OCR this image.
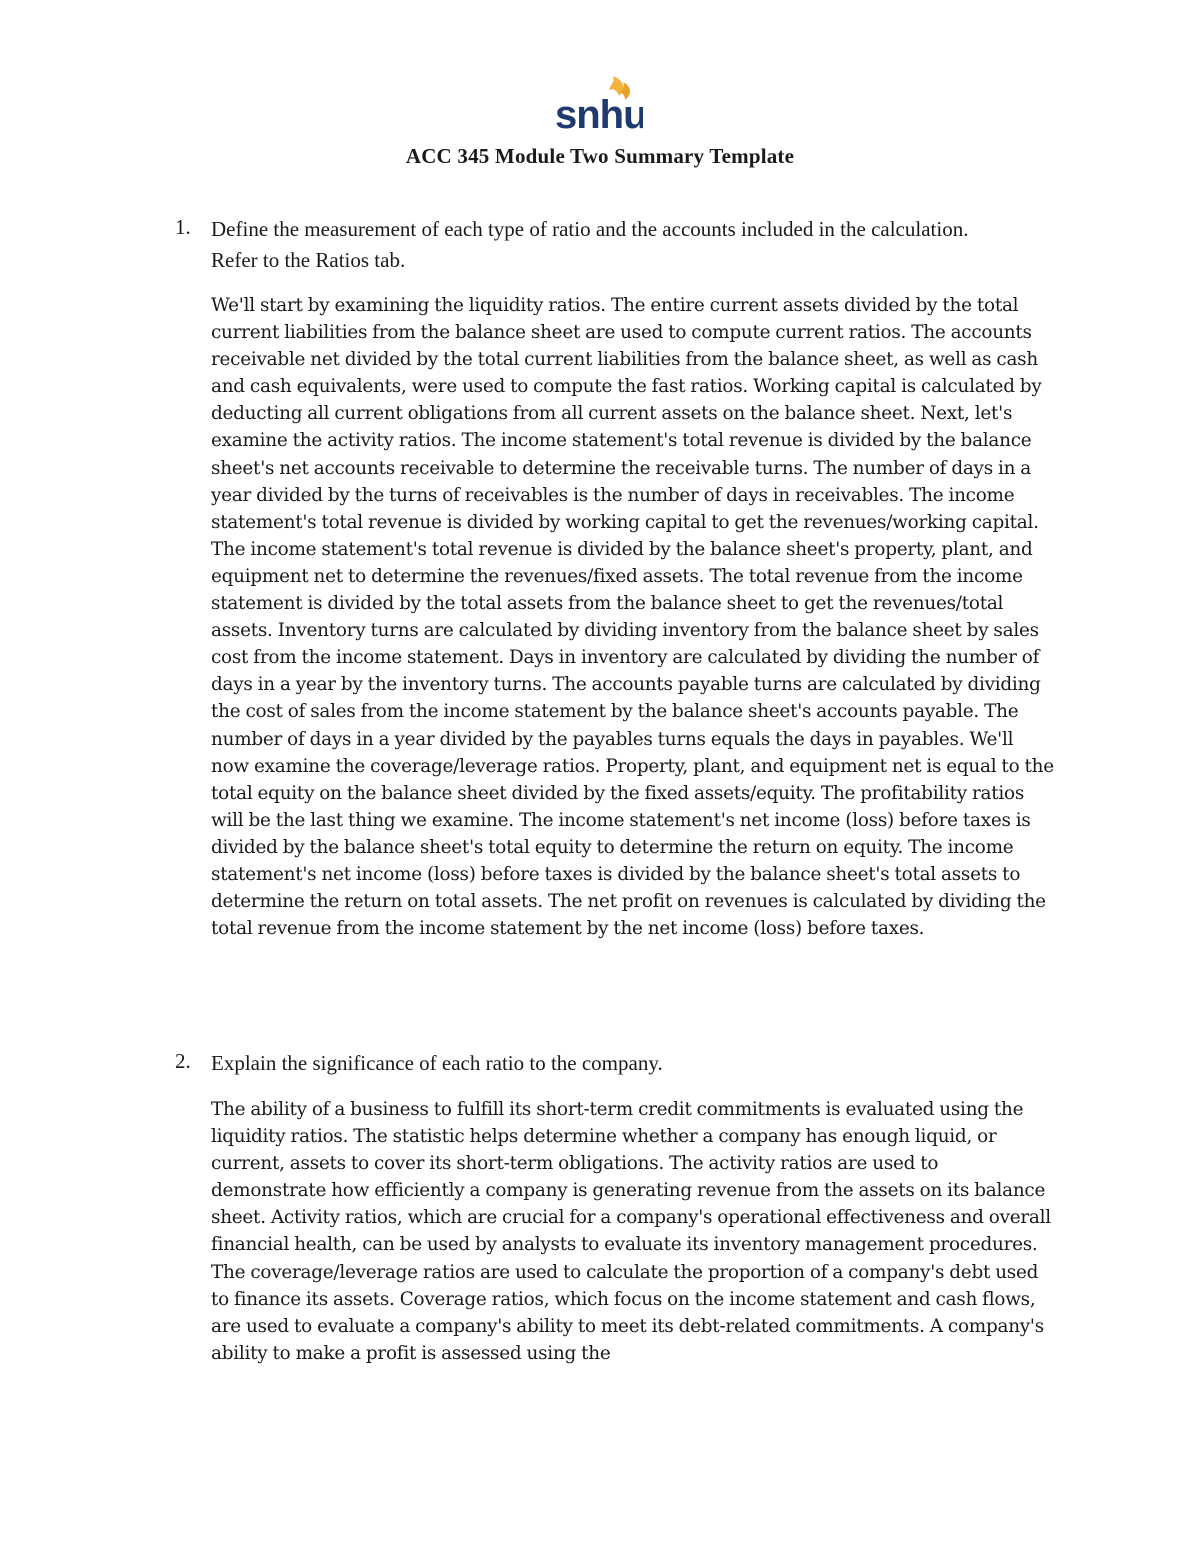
snhu
ACC 345 Module Two Summary Template
1. Define the measurement of each type of ratio and the accounts included in the calculation. Refer to the Ratios tab.
We'll start by examining the liquidity ratios. The entire current assets divided by the total current liabilities from the balance sheet are used to compute current ratios. The accounts receivable net divided by the total current liabilities from the balance sheet, as well as cash and cash equivalents, were used to compute the fast ratios. Working capital is calculated by deducting all current obligations from all current assets on the balance sheet. Next, let's examine the activity ratios. The income statement's total revenue is divided by the balance sheet's net accounts receivable to determine the receivable turns. The number of days in a year divided by the turns of receivables is the number of days in receivables. The income statement's total revenue is divided by working capital to get the revenues/working capital. The income statement's total revenue is divided by the balance sheet's property, plant, and equipment net to determine the revenues/fixed assets. The total revenue from the income statement is divided by the total assets from the balance sheet to get the revenues/total assets. Inventory turns are calculated by dividing inventory from the balance sheet by sales cost from the income statement. Days in inventory are calculated by dividing the number of days in a year by the inventory turns. The accounts payable turns are calculated by dividing the cost of sales from the income statement by the balance sheet's accounts payable. The number of days in a year divided by the payables turns equals the days in payables. We'll now examine the coverage/leverage ratios. Property, plant, and equipment net is equal to the total equity on the balance sheet divided by the fixed assets/equity. The profitability ratios will be the last thing we examine. The income statement's net income (loss) before taxes is divided by the balance sheet's total equity to determine the return on equity. The income statement's net income (loss) before taxes is divided by the balance sheet's total assets to determine the return on total assets. The net profit on revenues is calculated by dividing the total revenue from the income statement by the net income (loss) before taxes.
2. Explain the significance of each ratio to the company.
The ability of a business to fulfill its short-term credit commitments is evaluated using the liquidity ratios. The statistic helps determine whether a company has enough liquid, or current, assets to cover its short-term obligations. The activity ratios are used to demonstrate how efficiently a company is generating revenue from the assets on its balance sheet. Activity ratios, which are crucial for a company's operational effectiveness and overall financial health, can be used by analysts to evaluate its inventory management procedures. The coverage/leverage ratios are used to calculate the proportion of a company's debt used to finance its assets. Coverage ratios, which focus on the income statement and cash flows, are used to evaluate a company's ability to meet its debt-related commitments. A company's ability to make a profit is assessed using the
